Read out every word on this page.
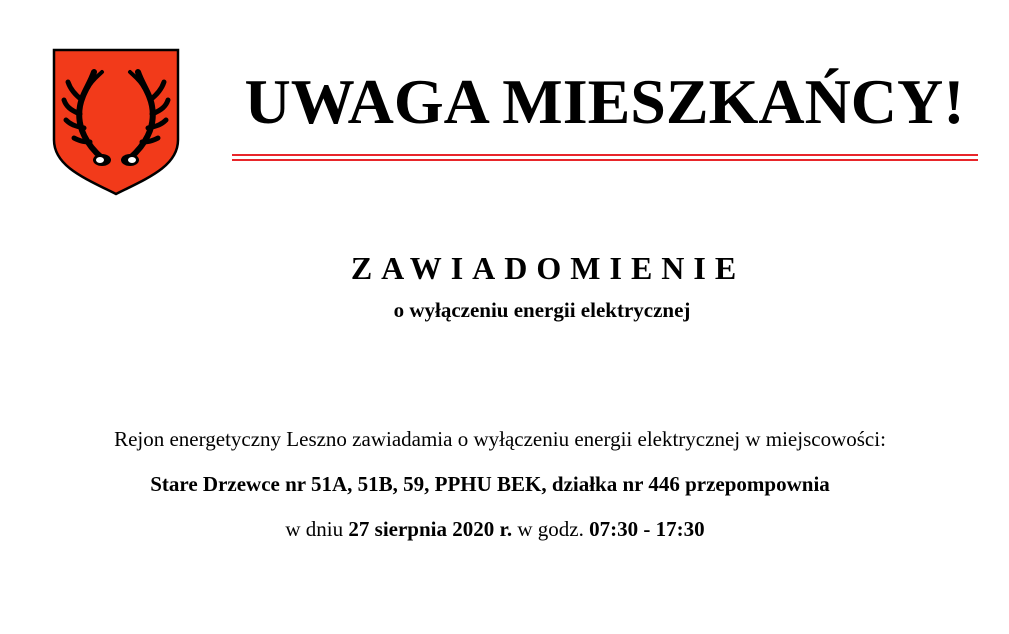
UWAGA MIESZKAŃCY!
ZAWIADOMIENIE
o wyłączeniu energii elektrycznej
Rejon energetyczny Leszno zawiadamia o wyłączeniu energii elektrycznej w miejscowości:
Stare Drzewce nr 51A, 51B, 59, PPHU BEK, działka nr 446 przepompownia
w dniu 27 sierpnia 2020 r. w godz. 07:30 - 17:30
